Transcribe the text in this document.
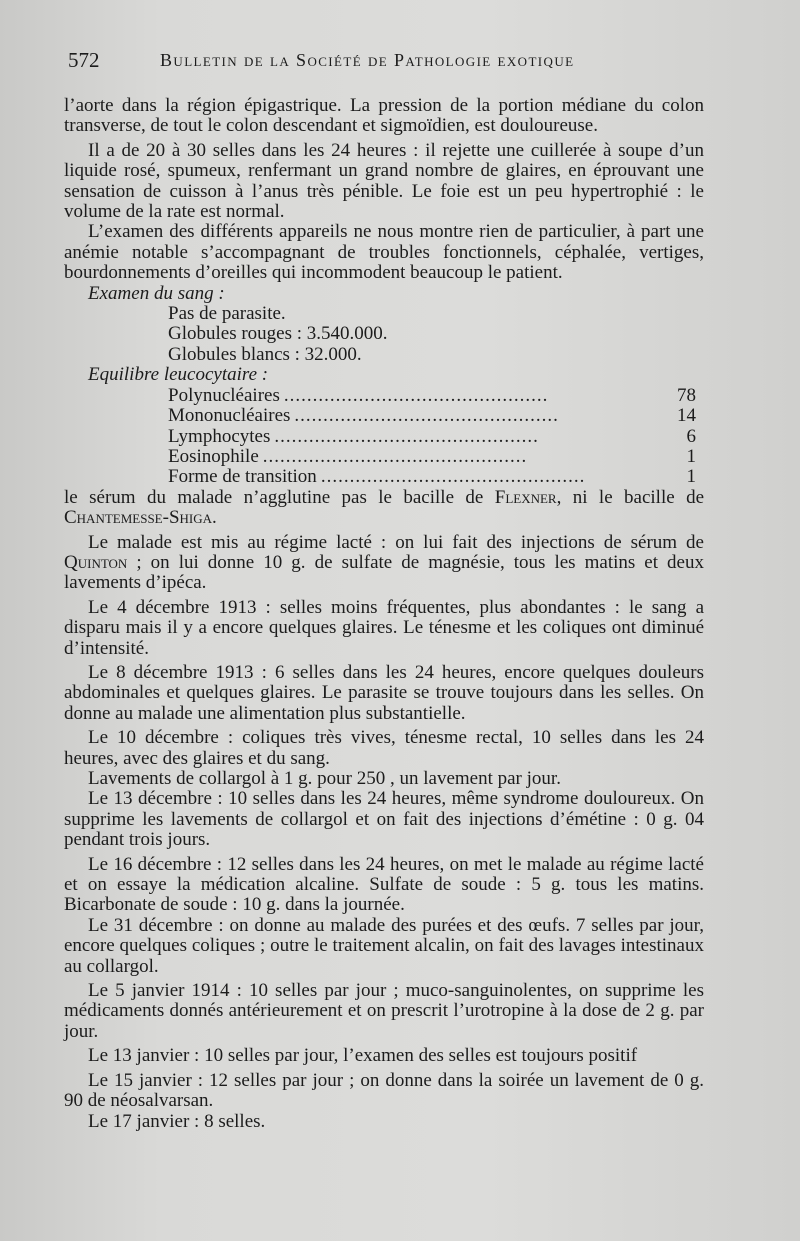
572	Bulletin de la Société de Pathologie exotique

l’aorte dans la région épigastrique. La pression de la portion médiane du colon transverse, de tout le colon descendant et sigmoïdien, est douloureuse.

Il a de 20 à 30 selles dans les 24 heures : il rejette une cuillerée à soupe d’un liquide rosé, spumeux, renfermant un grand nombre de glaires, en éprouvant une sensation de cuisson à l’anus très pénible. Le foie est un peu hypertrophié : le volume de la rate est normal.

L’examen des différents appareils ne nous montre rien de particulier, à part une anémie notable s’accompagnant de troubles fonctionnels, céphalée, vertiges, bourdonnements d’oreilles qui incommodent beaucoup le patient.

Examen du sang :

Pas de parasite.

Globules rouges : 3.540.000.

Globules blancs : 32.000.

Equilibre leucocytaire :

Polynucléaires ..............................................	78

Mononucléaires ..............................................	14

Lymphocytes ..............................................	6

Eosinophile ..............................................	1

Forme de transition ..............................................	1

le sérum du malade n’agglutine pas le bacille de Flexner, ni le bacille de Chantemesse-Shiga.

Le malade est mis au régime lacté : on lui fait des injections de sérum de Quinton ; on lui donne 10 g. de sulfate de magnésie, tous les matins et deux lavements d’ipéca.

Le 4 décembre 1913 : selles moins fréquentes, plus abondantes : le sang a disparu mais il y a encore quelques glaires. Le ténesme et les coliques ont diminué d’intensité.

Le 8 décembre 1913 : 6 selles dans les 24 heures, encore quelques douleurs abdominales et quelques glaires. Le parasite se trouve toujours dans les selles. On donne au malade une alimentation plus substantielle.

Le 10 décembre : coliques très vives, ténesme rectal, 10 selles dans les 24 heures, avec des glaires et du sang.

Lavements de collargol à 1 g. pour 250 , un lavement par jour.

Le 13 décembre : 10 selles dans les 24 heures, même syndrome douloureux. On supprime les lavements de collargol et on fait des injections d’émétine : 0 g. 04 pendant trois jours.

Le 16 décembre : 12 selles dans les 24 heures, on met le malade au régime lacté et on essaye la médication alcaline. Sulfate de soude : 5 g. tous les matins. Bicarbonate de soude : 10 g. dans la journée.

Le 31 décembre : on donne au malade des purées et des œufs. 7 selles par jour, encore quelques coliques ; outre le traitement alcalin, on fait des lavages intestinaux au collargol.

Le 5 janvier 1914 : 10 selles par jour ; muco-sanguinolentes, on supprime les médicaments donnés antérieurement et on prescrit l’urotropine à la dose de 2 g. par jour.

Le 13 janvier : 10 selles par jour, l’examen des selles est toujours positif

Le 15 janvier : 12 selles par jour ; on donne dans la soirée un lavement de 0 g. 90 de néosalvarsan.

Le 17 janvier : 8 selles.
